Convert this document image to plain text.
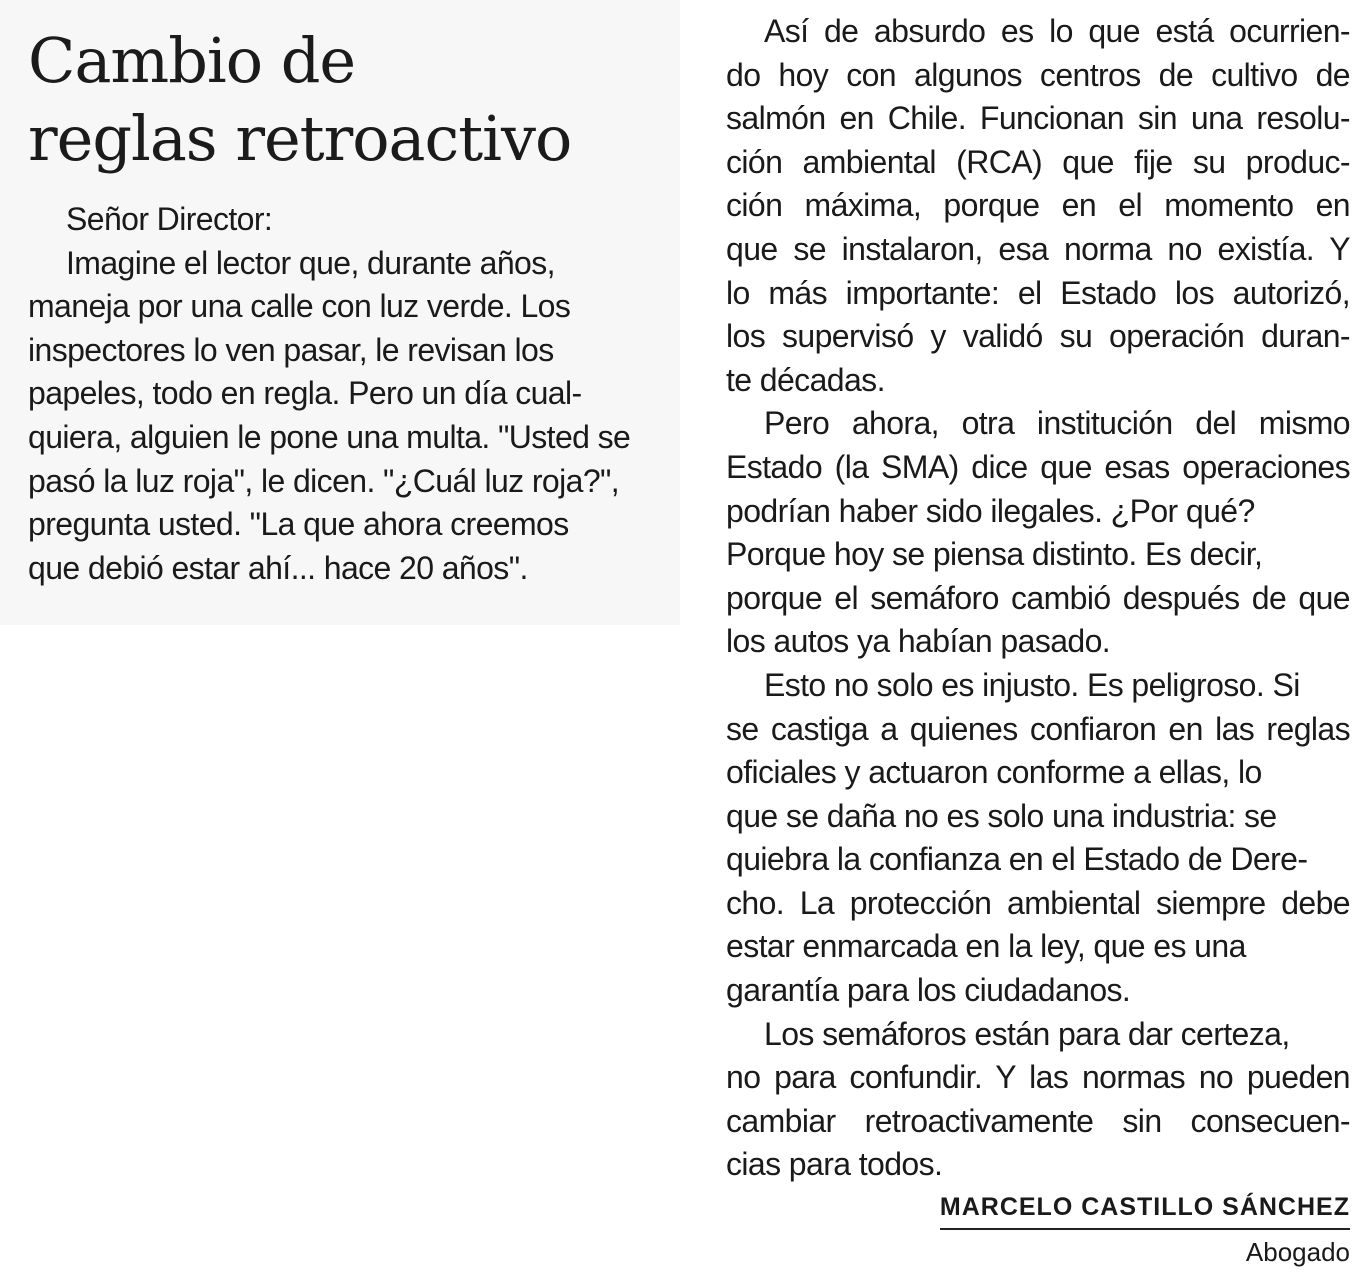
Cambio de
reglas retroactivo
Señor Director:
Imagine el lector que, durante años,
maneja por una calle con luz verde. Los
inspectores lo ven pasar, le revisan los
papeles, todo en regla. Pero un día cual-
quiera, alguien le pone una multa. "Usted se
pasó la luz roja", le dicen. "¿Cuál luz roja?",
pregunta usted. "La que ahora creemos
que debió estar ahí... hace 20 años".
Así de absurdo es lo que está ocurrien-
do hoy con algunos centros de cultivo de
salmón en Chile. Funcionan sin una resolu-
ción ambiental (RCA) que fije su produc-
ción máxima, porque en el momento en
que se instalaron, esa norma no existía. Y
lo más importante: el Estado los autorizó,
los supervisó y validó su operación duran-
te décadas.
Pero ahora, otra institución del mismo
Estado (la SMA) dice que esas operaciones
podrían haber sido ilegales. ¿Por qué?
Porque hoy se piensa distinto. Es decir,
porque el semáforo cambió después de que
los autos ya habían pasado.
Esto no solo es injusto. Es peligroso. Si
se castiga a quienes confiaron en las reglas
oficiales y actuaron conforme a ellas, lo
que se daña no es solo una industria: se
quiebra la confianza en el Estado de Dere-
cho. La protección ambiental siempre debe
estar enmarcada en la ley, que es una
garantía para los ciudadanos.
Los semáforos están para dar certeza,
no para confundir. Y las normas no pueden
cambiar retroactivamente sin consecuen-
cias para todos.
MARCELO CASTILLO SÁNCHEZ
Abogado
